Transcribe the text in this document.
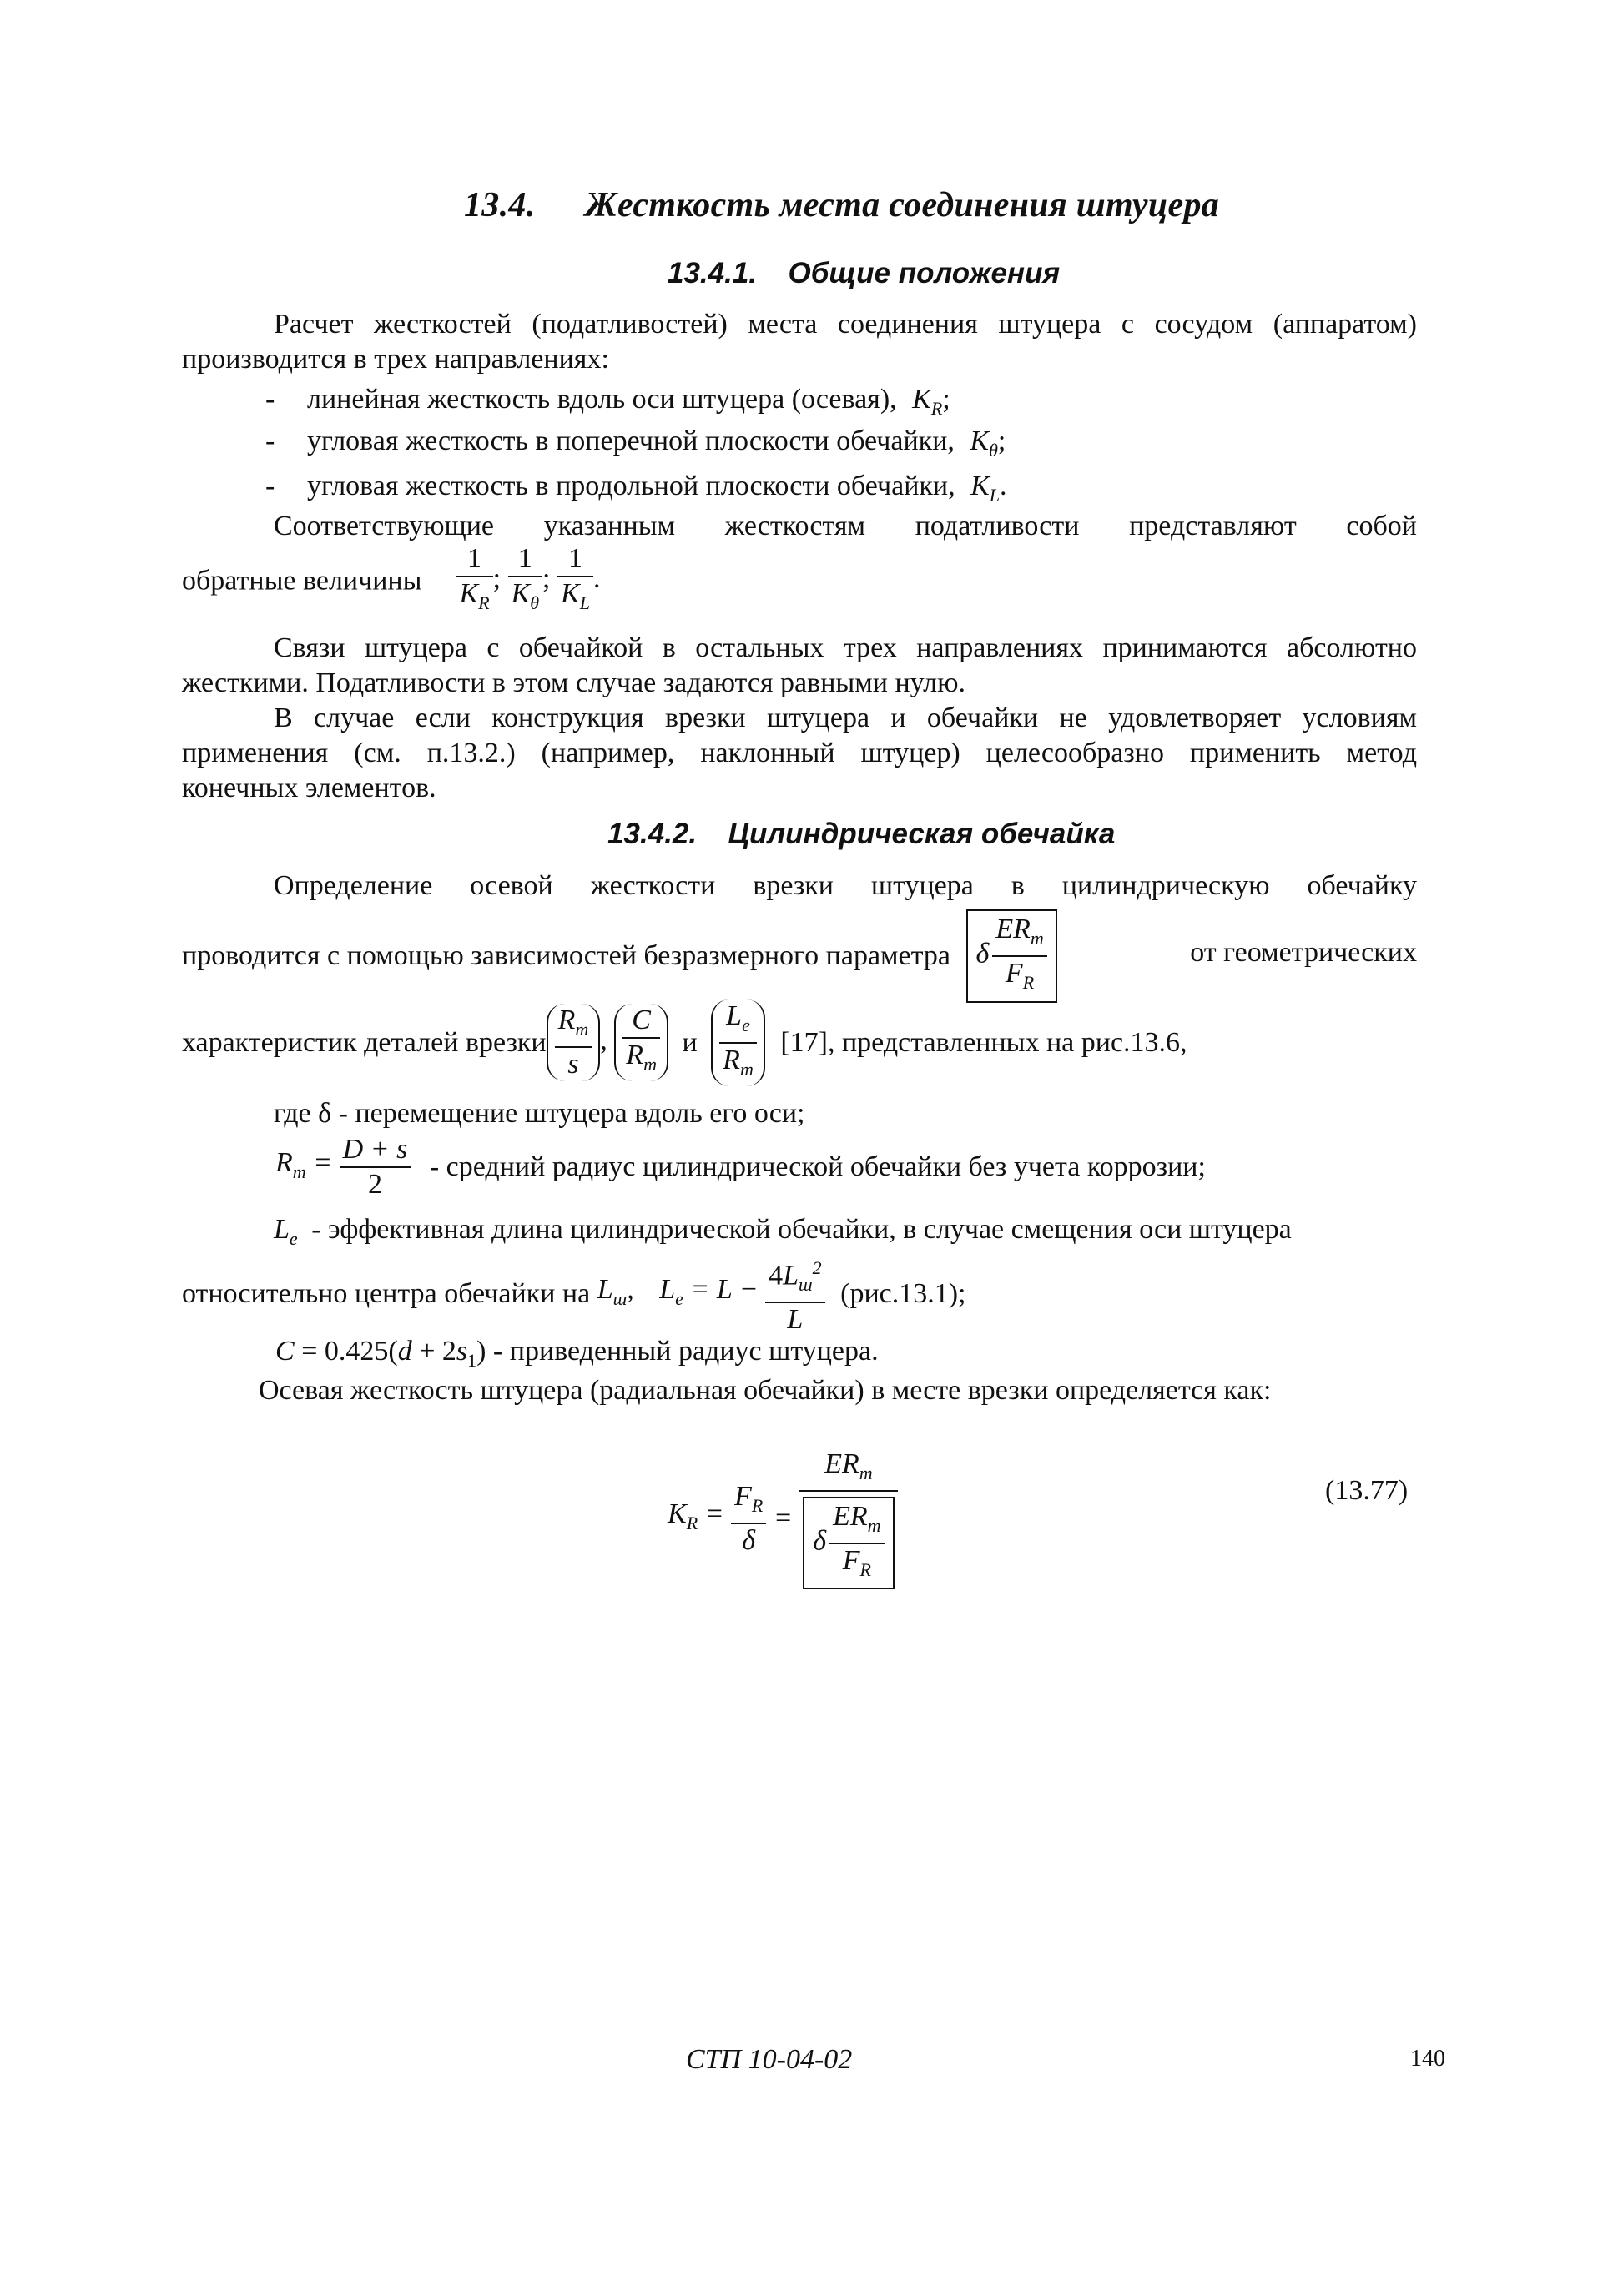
13.4. Жесткость места соединения штуцера
13.4.1. Общие положения
Расчет жесткостей (податливостей) места соединения штуцера с сосудом (аппаратом)
производится в трех направлениях:
- линейная жесткость вдоль оси штуцера (осевая), $K_R$;
- угловая жесткость в поперечной плоскости обечайки, $K_\theta$;
- угловая жесткость в продольной плоскости обечайки, $K_L$.
Соответствующие указанным жесткостям податливости представляют собой
обратные величины $\frac{1}{K_R}$ ; $\frac{1}{K_\theta}$ ; $\frac{1}{K_L}$ .
Связи штуцера с обечайкой в остальных трех направлениях принимаются абсолютно
жесткими. Податливости в этом случае задаются равными нулю.
В случае если конструкция врезки штуцера и обечайки не удовлетворяет условиям
применения (см. п.13.2.) (например, наклонный штуцер) целесообразно применить метод
конечных элементов.
13.4.2. Цилиндрическая обечайка
Определение осевой жесткости врезки штуцера в цилиндрическую обечайку
проводится с помощью зависимостей безразмерного параметра δ $\frac{ER_m}{F_R}$	от геометрических
характеристик деталей врезки $\frac{R_m}{s}$ , $\frac{C}{R_m}$ и $\frac{L_e}{R_m} [17]$, представленных на рис.13.6,
где δ - перемещение штуцера вдоль его оси;
$R_m = \frac{D + s}{2}$ - средний радиус цилиндрической обечайки без учета коррозии;
$L_e$ - эффективная длина цилиндрической обечайки, в случае смещения оси штуцера
относительно центра обечайки на $L_ш$, $L_e = L - \frac{4L_ш^2}{L} (рис.13.1)$;
$C = 0.425(d + 2s_1)$ - приведенный радиус штуцера.
Осевая жесткость штуцера (радиальная обечайки) в месте врезки определяется как:
$K_R = \frac{F_R}{\delta} = \frac{ER_m}{\delta \frac{ER_m}{F_R}}$	(13.77)
СТП 10-04-02	140
